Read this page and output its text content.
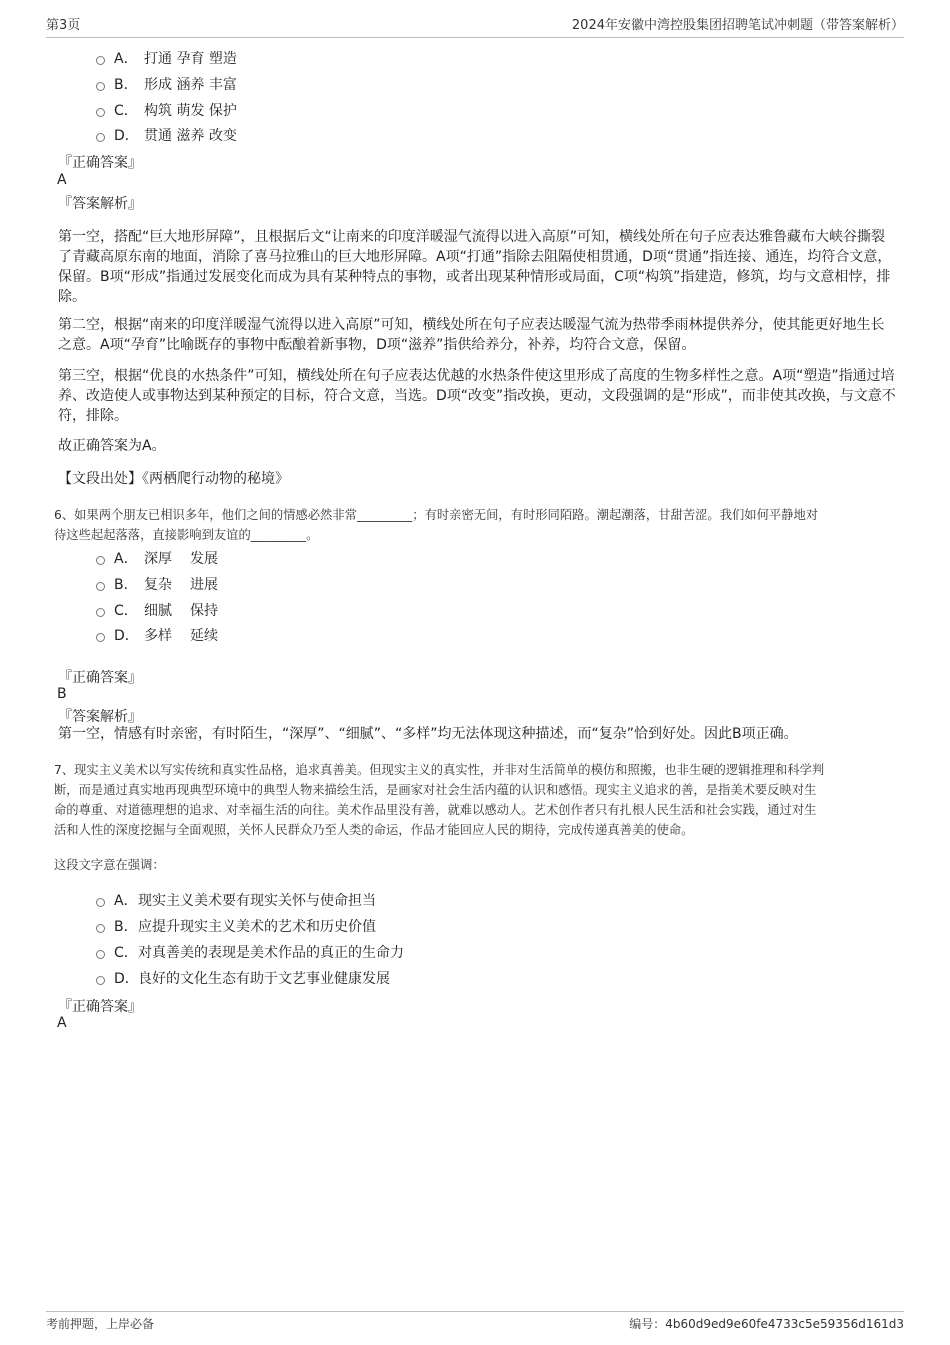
第3页	2024年安徽中湾控股集团招聘笔试冲刺题（带答案解析）
A． 打通 孕育 塑造
B． 形成 涵养 丰富
C． 构筑 萌发 保护
D． 贯通 滋养 改变
『正确答案』
A
『答案解析』
第一空，搭配“巨大地形屏障”，且根据后文“让南来的印度洋暖湿气流得以进入高原”可知，横线处所在句子应表达雅鲁藏布大峡谷撕裂了青藏高原东南的地面，消除了喜马拉雅山的巨大地形屏障。A项“打通”指除去阻隔使相贯通，D项“贯通”指连接、通连，均符合文意，保留。B项“形成”指通过发展变化而成为具有某种特点的事物，或者出现某种情形或局面，C项“构筑”指建造，修筑，均与文意相悖，排除。
第二空，根据“南来的印度洋暖湿气流得以进入高原”可知，横线处所在句子应表达暖湿气流为热带季雨林提供养分，使其能更好地生长之意。A项“孕育”比喻既存的事物中酝酿着新事物，D项“滋养”指供给养分，补养，均符合文意，保留。
第三空，根据“优良的水热条件”可知，横线处所在句子应表达优越的水热条件使这里形成了高度的生物多样性之意。A项“塑造”指通过培养、改造使人或事物达到某种预定的目标，符合文意，当选。D项“改变”指改换，更动，文段强调的是“形成”，而非使其改换，与文意不符，排除。
故正确答案为A。
【文段出处】《两栖爬行动物的秘境》
6、如果两个朋友已相识多年，他们之间的情感必然非常_________；有时亲密无间，有时形同陌路。潮起潮落，甘甜苦涩。我们如何平静地对
待这些起起落落，直接影响到友谊的_________。
A． 深厚	发展
B． 复杂	进展
C． 细腻	保持
D． 多样	延续
『正确答案』
B
『答案解析』
第一空，情感有时亲密，有时陌生，“深厚”、“细腻”、“多样”均无法体现这种描述，而“复杂”恰到好处。因此B项正确。
7、现实主义美术以写实传统和真实性品格，追求真善美。但现实主义的真实性，并非对生活简单的模仿和照搬，也非生硬的逻辑推理和科学判
断，而是通过真实地再现典型环境中的典型人物来描绘生活，是画家对社会生活内蕴的认识和感悟。现实主义追求的善，是指美术要反映对生
命的尊重、对道德理想的追求、对幸福生活的向往。美术作品里没有善，就难以感动人。艺术创作者只有扎根人民生活和社会实践，通过对生
活和人性的深度挖掘与全面观照，关怀人民群众乃至人类的命运，作品才能回应人民的期待，完成传递真善美的使命。
这段文字意在强调：
A． 现实主义美术要有现实关怀与使命担当
B． 应提升现实主义美术的艺术和历史价值
C． 对真善美的表现是美术作品的真正的生命力
D． 良好的文化生态有助于文艺事业健康发展
『正确答案』
A
考前押题，上岸必备	编号：4b60d9ed9e60fe4733c5e59356d161d3
